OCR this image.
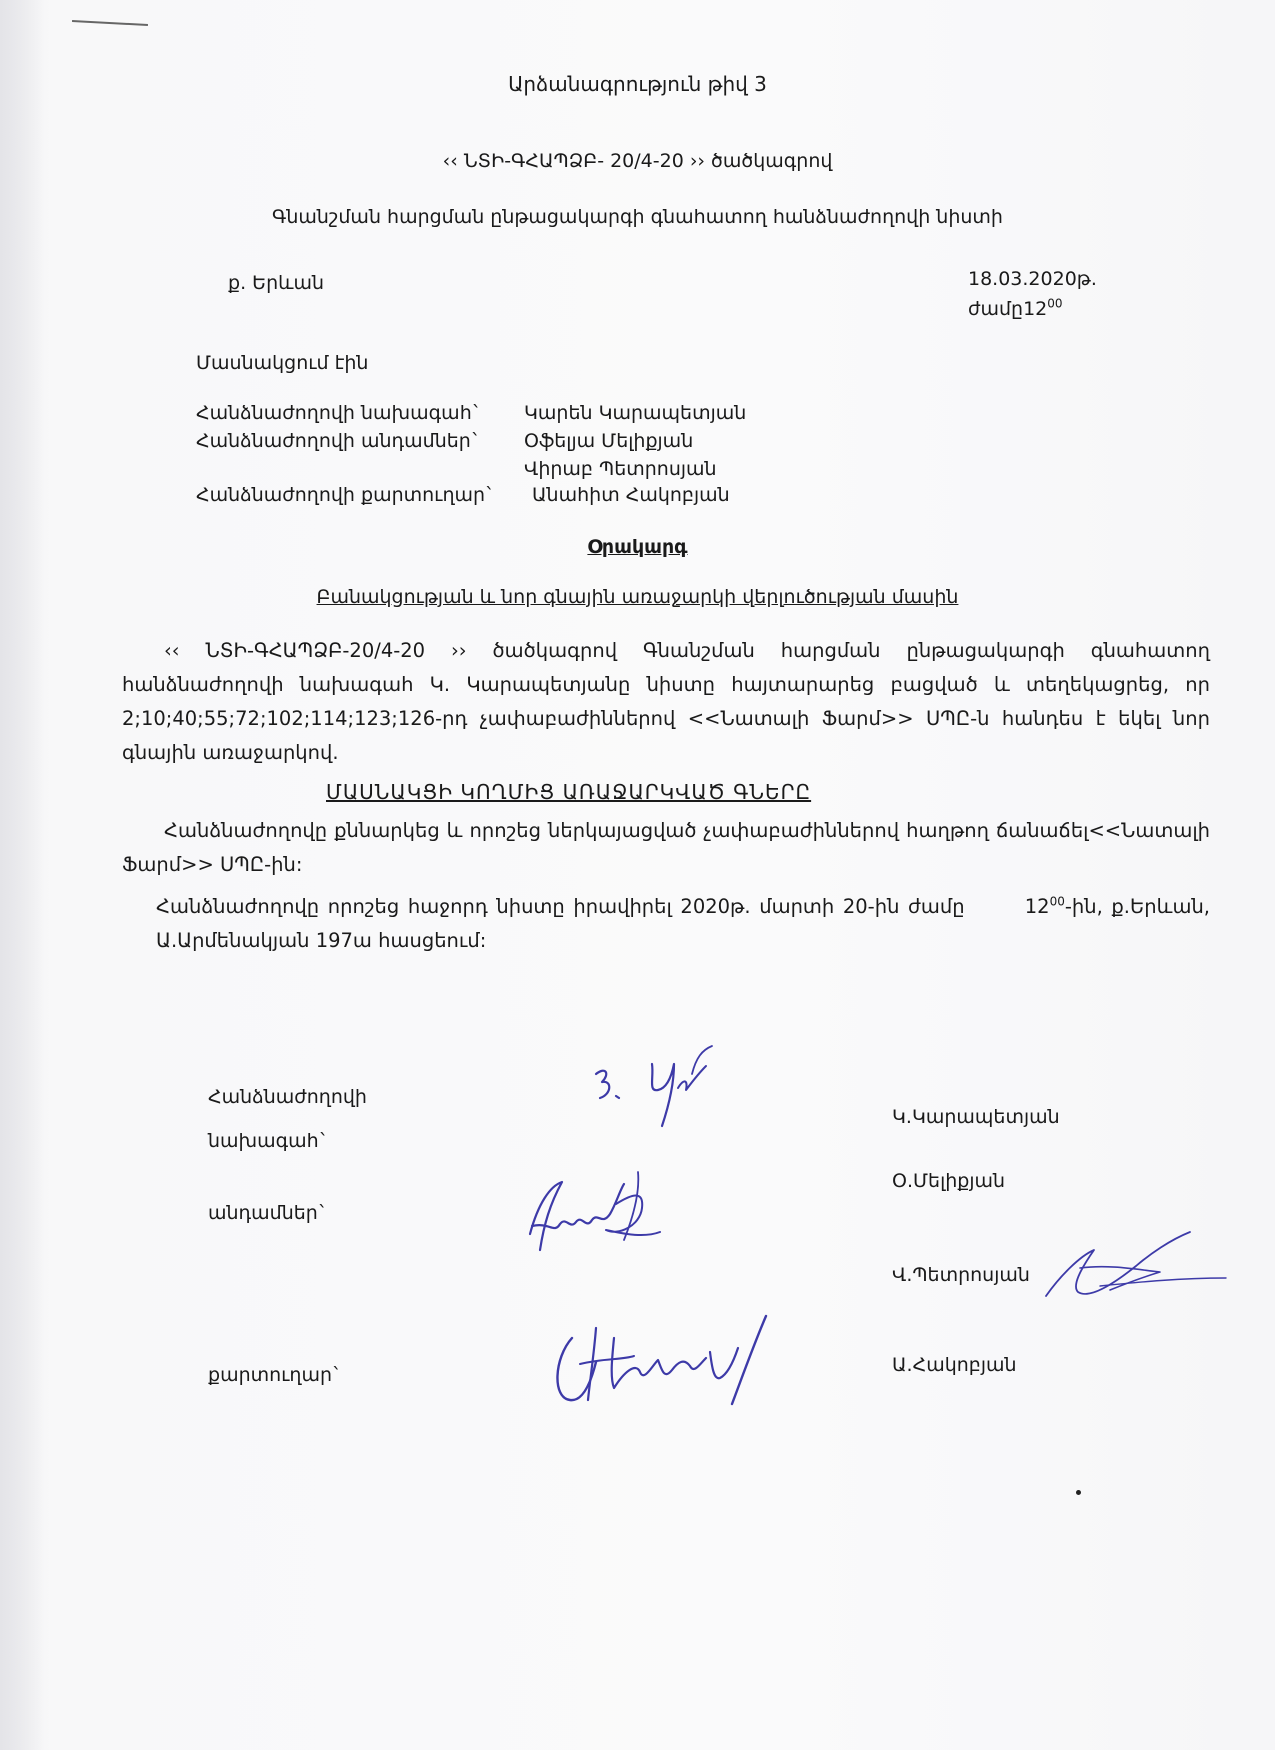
Արձանագրություն թիվ 3
‹‹ ՆՏԻ-ԳՀԱՊՁԲ- 20/4-20 ›› ծածկագրով
Գնանշման հարցման ընթացակարգի գնահատող հանձնաժողովի նիստի
ք. Երևան	18.03.2020թ.
$ժամը12^{00}$
Մասնակցում էին
Հանձնաժողովի նախագահ` Կարեն Կարապետյան
Հանձնաժողովի անդամներ` Օֆելյա Մելիքյան
Վիրաբ Պետրոսյան
Հանձնաժողովի քարտուղար` Անահիտ Հակոբյան
Օրակարգ
Բանակցության և նոր գնային առաջարկի վերլուծության մասին
‹‹ ՆՏԻ-ԳՀԱՊՁԲ-20/4-20 ›› ծածկագրով Գնանշման հարցման ընթացակարգի գնահատող հանձնաժողովի նախագահ Կ. Կարապետյանը նիստը հայտարարեց բացված և տեղեկացրեց, որ 2;10;40;55;72;102;114;123;126-րդ չափաբաժիններով <<Նատալի Ֆարմ>> ՍՊԸ-ն հանդես է եկել նոր գնային առաջարկով.
ՄԱՍՆԱԿՑԻ ԿՈՂՄԻՑ ԱՌԱՋԱՐԿՎԱԾ ԳՆԵՐԸ
Հանձնաժողովը քննարկեց և որոշեց ներկայացված չափաբաժիններով հաղթող ճանաճել<<Նատալի Ֆարմ>> ՍՊԸ-ին:
Հանձնաժողովը որոշեց հաջորդ նիստը իրավիրել 2020թ. մարտի 20-ին ժամը	$12^{00}-ին$, ք.Երևան, Ա.Արմենակյան 197ա հասցեում:
Հանձնաժողովի
նախագահ`
անդամներ`
քարտուղար`
Կ.Կարապետյան
Օ.Մելիքյան
Վ.Պետրոսյան
Ա.Հակոբյան
